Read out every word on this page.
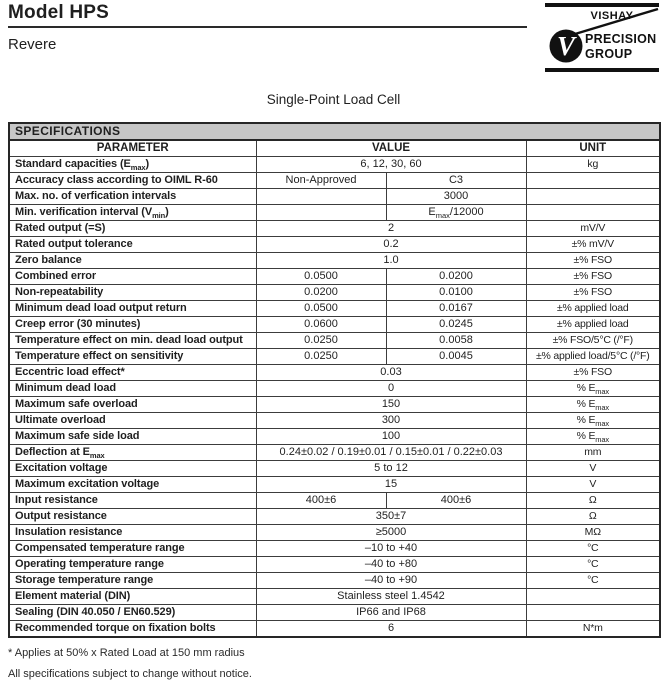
Model HPS
Revere	V
VISHAY
PRECISION
GROUP
Single-Point Load Cell
SPECIFICATIONS			
PARAMETER	VALUE		UNIT
Standard capacities $(E_{max})$	6, 12, 30, 60		kg
Accuracy class according to OIML R-60	Non-Approved	C3	
Max. no. of verfication intervals		3000	
Min. verification interval $(V_{min})$		$E_{max}/12000$	
Rated output (=S)	2		mV/V
Rated output tolerance	0.2		±% mV/V
Zero balance	1.0		±% FSO
Combined error	0.0500	0.0200	±% FSO
Non-repeatability	0.0200	0.0100	±% FSO
Minimum dead load output return	0.0500	0.0167	±% applied load
Creep error (30 minutes)	0.0600	0.0245	±% applied load
Temperature effect on min. dead load output	0.0250	0.0058	±% FSO/5°C (/°F)
Temperature effect on sensitivity	0.0250	0.0045	±% applied load/5°C (/°F)
Eccentric load effect*	0.03		±% FSO
Minimum dead load	0		% $E_{max}$
Maximum safe overload	150		% $E_{max}$
Ultimate overload	300		% $E_{max}$
Maximum safe side load	100		% $E_{max}$
Deflection at $E_{max}$	0.24±0.02 / 0.19±0.01 / 0.15±0.01 / 0.22±0.03		mm
Excitation voltage	5 to 12		V
Maximum excitation voltage	15		V
Input resistance	400±6	400±6	Ω
Output resistance	350±7		Ω
Insulation resistance	≥5000		MΩ
Compensated temperature range	–10 to +40		°C
Operating temperature range	–40 to +80		°C
Storage temperature range	–40 to +90		°C
Element material (DIN)	Stainless steel 1.4542		
Sealing (DIN 40.050 / EN60.529)	IP66 and IP68		
Recommended torque on fixation bolts	6		N*m
* Applies at 50% x Rated Load at 150 mm radius
All specifications subject to change without notice.
